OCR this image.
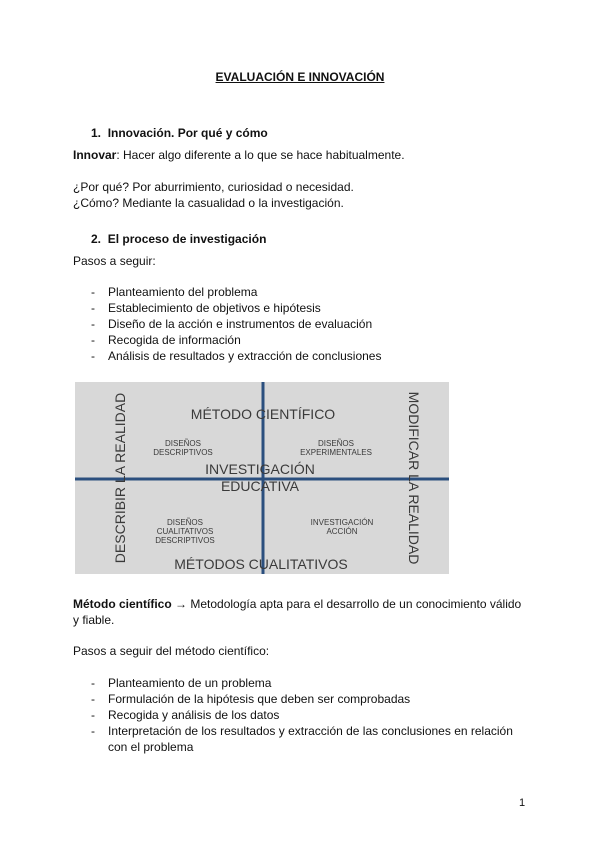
EVALUACIÓN E INNOVACIÓN
1. Innovación. Por qué y cómo
Innovar: Hacer algo diferente a lo que se hace habitualmente.
¿Por qué? Por aburrimiento, curiosidad o necesidad.
¿Cómo? Mediante la casualidad o la investigación.
2. El proceso de investigación
Pasos a seguir:
- Planteamiento del problema
- Establecimiento de objetivos e hipótesis
- Diseño de la acción e instrumentos de evaluación
- Recogida de información
- Análisis de resultados y extracción de conclusiones
MÉTODO CIENTÍFICO
MÉTODOS CUALITATIVOS
DESCRIBIR LA REALIDAD	MODIFICAR LA REALIDAD
INVESTIGACIÓN
EDUCATIVA
DISEÑOS
DESCRIPTIVOS
DISEÑOS
EXPERIMENTALES
DISEÑOS
CUALITATIVOS
DESCRIPTIVOS
INVESTIGACIÓN
ACCIÓN
Método científico → Metodología apta para el desarrollo de un conocimiento válido
y fiable.
Pasos a seguir del método científico:
- Planteamiento de un problema
- Formulación de la hipótesis que deben ser comprobadas
- Recogida y análisis de los datos
- Interpretación de los resultados y extracción de las conclusiones en relación
con el problema
1
